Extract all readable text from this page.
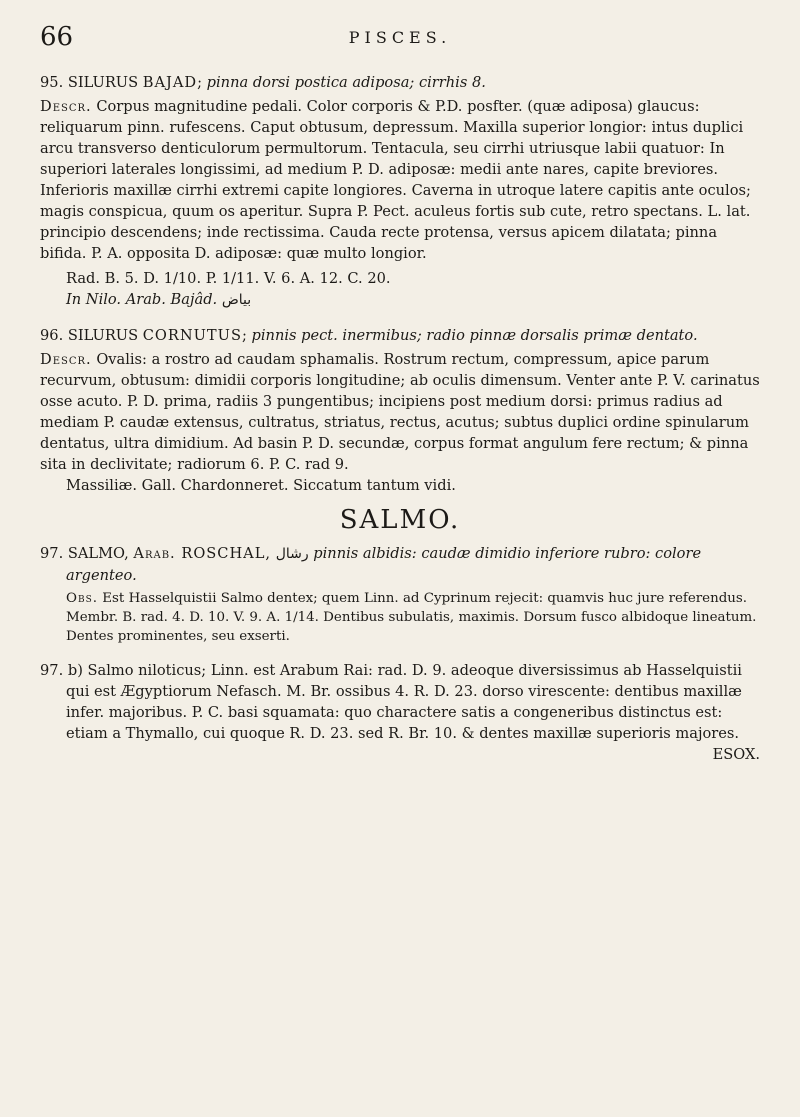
66	PISCES.
95. SILURUS BAJAD; pinna dorsi postica adiposa; cirrhis 8.

Descr. Corpus magnitudine pedali. Color corporis & P.D. posfter. (quæ adiposa) glaucus: reliquarum pinn. rufescens. Caput obtusum, depressum. Maxilla superior longior: intus duplici arcu transverso denticulorum permultorum. Tentacula, seu cirrhi utriusque labii quatuor: In superiori laterales longissimi, ad medium P. D. adiposæ: medii ante nares, capite breviores. Inferioris maxillæ cirrhi extremi capite longiores. Caverna in utroque latere capitis ante oculos; magis conspicua, quum os aperitur. Supra P. Pect. aculeus fortis sub cute, retro spectans. L. lat. principio descendens; inde rectissima. Cauda recte protensa, versus apicem dilatata; pinna bifida. P. A. opposita D. adiposæ: quæ multo longior.

Rad. B. 5. D. 1/10. P. 1/11. V. 6. A. 12. C. 20.
In Nilo. Arab. Bajâd. بياض
96. SILURUS CORNUTUS; pinnis pect. inermibus; radio pinnæ dorsalis primæ dentato.

Descr. Ovalis: a rostro ad caudam sphamalis. Rostrum rectum, compressum, apice parum recurvum, obtusum: dimidii corporis longitudine; ab oculis dimensum. Venter ante P. V. carinatus osse acuto. P. D. prima, radiis 3 pungentibus; incipiens post medium dorsi: primus radius ad mediam P. caudæ extensus, cultratus, striatus, rectus, acutus; subtus duplici ordine spinularum dentatus, ultra dimidium. Ad basin P. D. secundæ, corpus format angulum fere rectum; & pinna sita in declivitate; radiorum 6. P. C. rad 9.

Massiliæ. Gall. Chardonneret. Siccatum tantum vidi.
SALMO.
97. SALMO, Arab. ROSCHAL, رشال pinnis albidis: caudæ dimidio inferiore rubro: colore argenteo.
Obs. Est Hasselquistii Salmo dentex; quem Linn. ad Cyprinum rejecit: quamvis huc jure referendus. Membr. B. rad. 4. D. 10. V. 9. A. 1/14. Dentibus subulatis, maximis. Dorsum fusco albidoque lineatum. Dentes prominentes, seu exserti.
97. b) Salmo niloticus; Linn. est Arabum Rai: rad. D. 9. adeoque diversissimus ab Hasselquistii qui est Ægyptiorum Nefasch. M. Br. ossibus 4. R. D. 23. dorso virescente: dentibus maxillæ infer. majoribus. P. C. basi squamata: quo charactere satis a congeneribus distinctus est: etiam a Thymallo, cui quoque R. D. 23. sed R. Br. 10. & dentes maxillæ superioris majores.
ESOX.
